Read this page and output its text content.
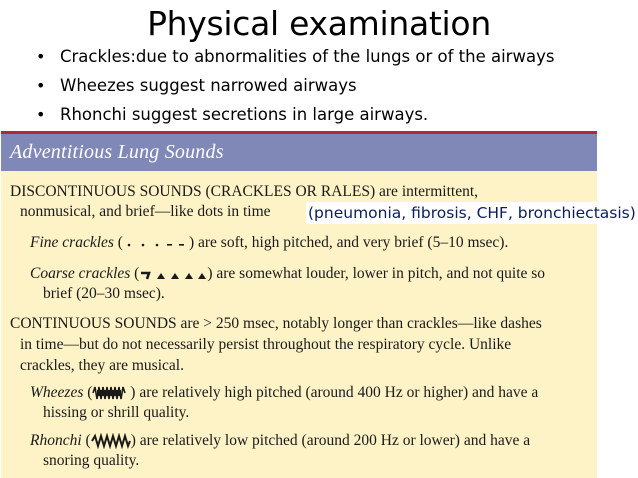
Physical examination
• Crackles:due to abnormalities of the lungs or of the airways
• Wheezes suggest narrowed airways
• Rhonchi suggest secretions in large airways.
Adventitious Lung Sounds
DISCONTINUOUS SOUNDS (CRACKLES OR RALES) are intermittent,
nonmusical, and brief—like dots in time
Fine crackles (	) are soft, high pitched, and very brief (5–10 msec).
Coarse crackles (	) are somewhat louder, lower in pitch, and not quite so
brief (20–30 msec).
CONTINUOUS SOUNDS are > 250 msec, notably longer than crackles—like dashes
in time—but do not necessarily persist throughout the respiratory cycle. Unlike
crackles, they are musical.
Wheezes ( ) are relatively high pitched (around 400 Hz or higher) and have a
hissing or shrill quality.
Rhonchi (	) are relatively low pitched (around 200 Hz or lower) and have a
snoring quality.
(pneumonia, fibrosis, CHF, bronchiectasis)
